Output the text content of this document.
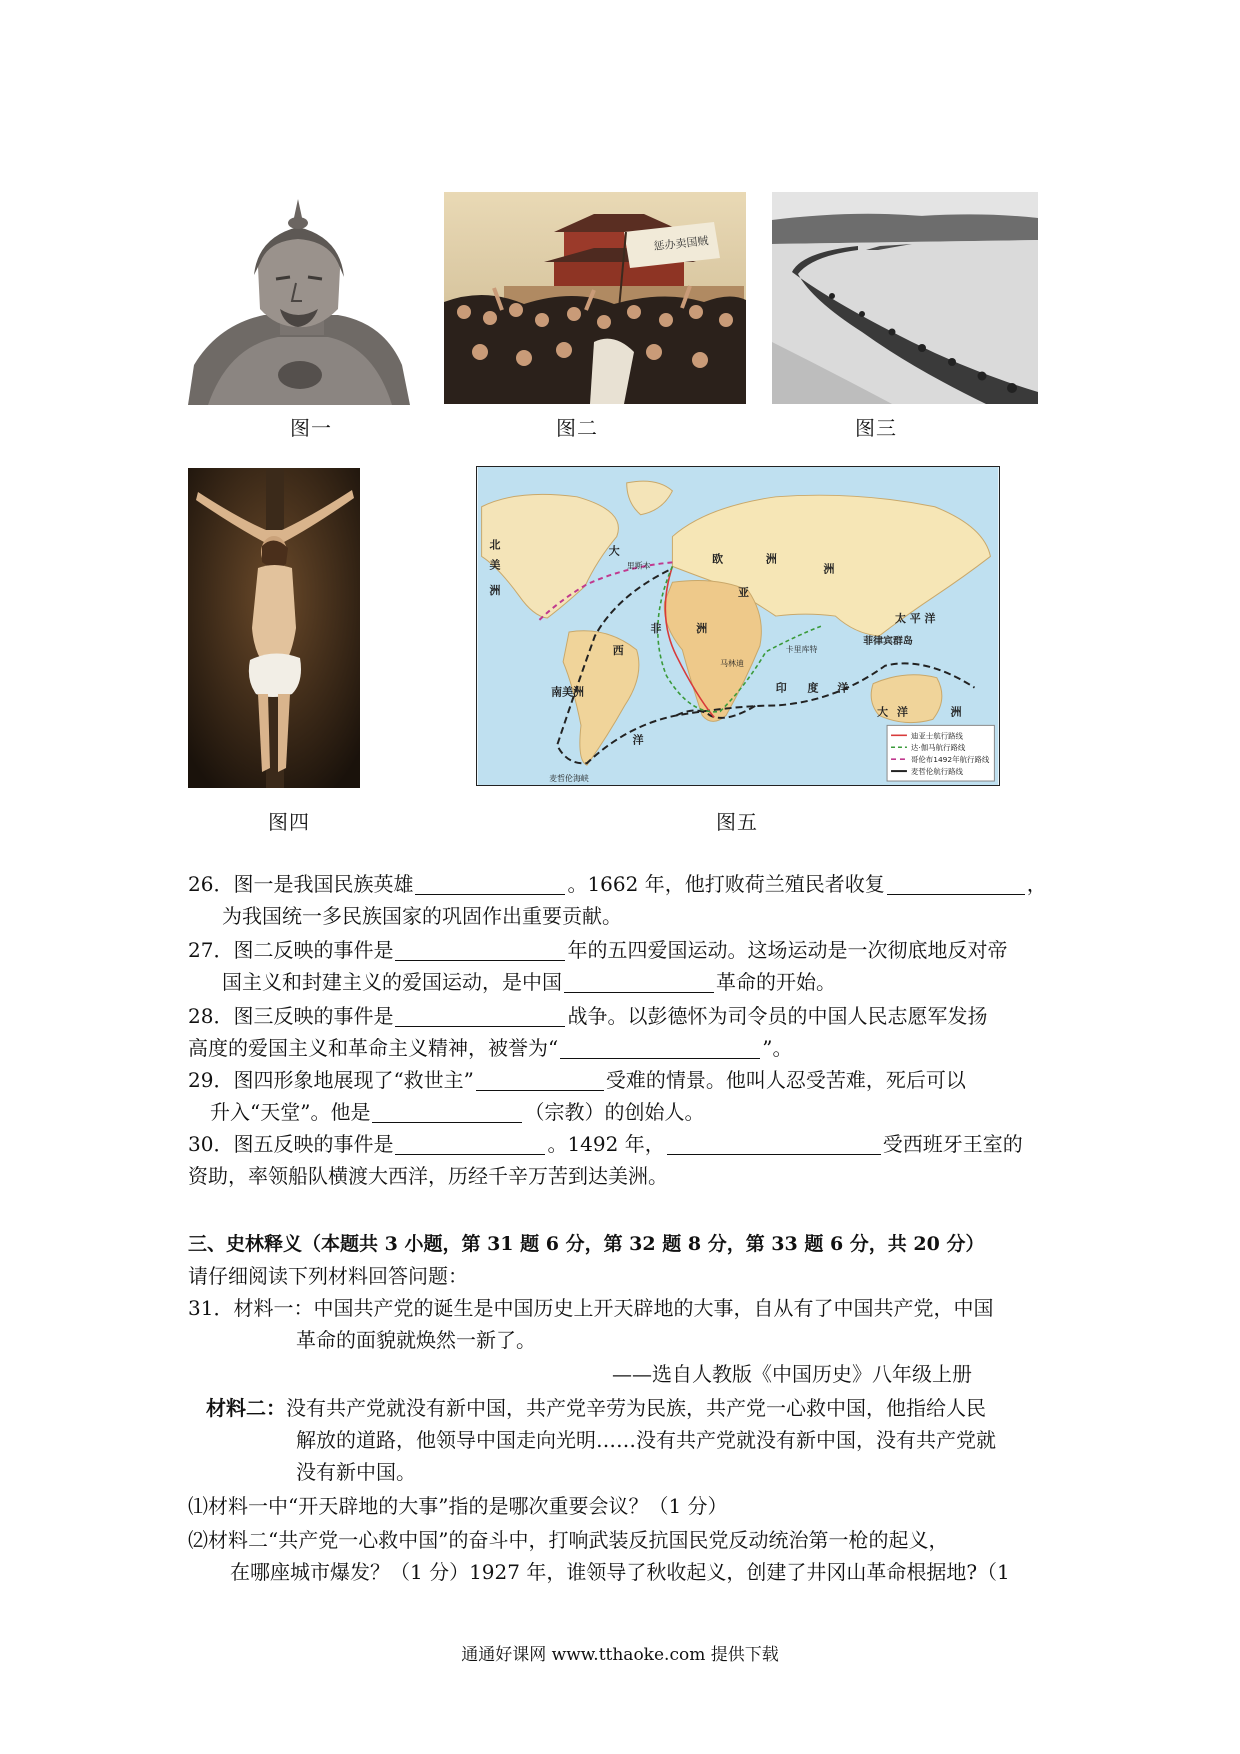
图一
惩办卖国贼
图二	图三
图四
北
美
洲
大
西
欧	洲
亚
洲
非	洲
南美洲
洋
太 平 洋
菲律宾群岛
大 洋	洲
印 度 洋
里斯本
卡里库特
马林迪
麦哲伦海峡
迪亚士航行路线
达·伽马航行路线
哥伦布1492年航行路线
麦哲伦航行路线
图五
26．图一是我国民族英雄	。1662 年，他打败荷兰殖民者收复	，
为我国统一多民族国家的巩固作出重要贡献。
27．图二反映的事件是	年的五四爱国运动。这场运动是一次彻底地反对帝
国主义和封建主义的爱国运动，是中国	革命的开始。
28．图三反映的事件是	战争。以彭德怀为司令员的中国人民志愿军发扬
高度的爱国主义和革命主义精神，被誉为“	”。
29．图四形象地展现了“救世主”	受难的情景。他叫人忍受苦难，死后可以
升入“天堂”。他是	（宗教）的创始人。
30．图五反映的事件是	。1492 年，	受西班牙王室的
资助，率领船队横渡大西洋，历经千辛万苦到达美洲。
三、史林释义（本题共 3 小题，第 31 题 6 分，第 32 题 8 分，第 33 题 6 分，共 20 分）
请仔细阅读下列材料回答问题：
31．材料一：中国共产党的诞生是中国历史上开天辟地的大事，自从有了中国共产党，中国
革命的面貌就焕然一新了。
——选自人教版《中国历史》八年级上册
材料二：没有共产党就没有新中国，共产党辛劳为民族，共产党一心救中国，他指给人民
解放的道路，他领导中国走向光明……没有共产党就没有新中国，没有共产党就
没有新中国。
⑴材料一中“开天辟地的大事”指的是哪次重要会议？（1 分）
⑵材料二“共产党一心救中国”的奋斗中，打响武装反抗国民党反动统治第一枪的起义，
在哪座城市爆发？（1 分）1927 年，谁领导了秋收起义，创建了井冈山革命根据地?（1
通通好课网 www.tthaoke.com 提供下载
